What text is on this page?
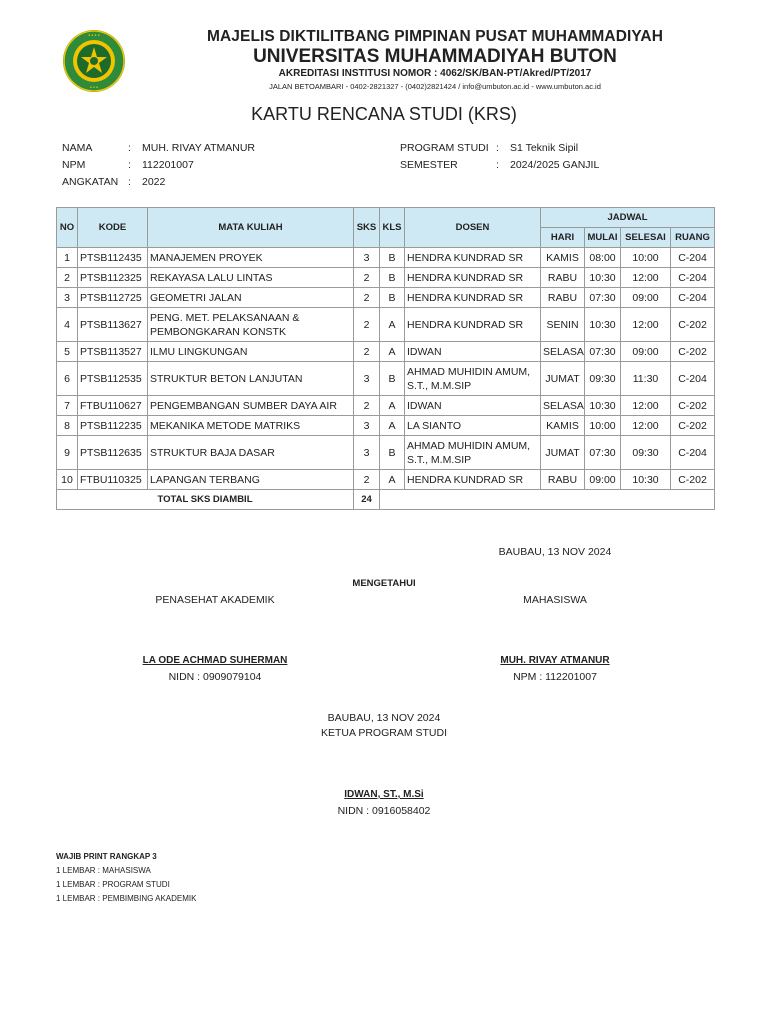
• • • •
• • •
MAJELIS DIKTILITBANG PIMPINAN PUSAT MUHAMMADIYAH
UNIVERSITAS MUHAMMADIYAH BUTON
AKREDITASI INSTITUSI NOMOR : 4062/SK/BAN-PT/Akred/PT/2017
JALAN BETOAMBARI - 0402-2821327 - (0402)2821424 / info@umbuton.ac.id - www.umbuton.ac.id
KARTU RENCANA STUDI (KRS)
NAMA	: MUH. RIVAY ATMANUR
NPM	: 112201007
ANGKATAN : 2022
PROGRAM STUDI : S1 Teknik Sipil
SEMESTER	: 2024/2025 GANJIL
NO	KODE	MATA KULIAH	SKS	KLS	DOSEN	JADWAL			
						HARI	MULAI	SELESAI	RUANG
1	PTSB112435	MANAJEMEN PROYEK	3	B	HENDRA KUNDRAD SR	KAMIS	08:00	10:00	C-204
2	PTSB112325	REKAYASA LALU LINTAS	2	B	HENDRA KUNDRAD SR	RABU	10:30	12:00	C-204
3	PTSB112725	GEOMETRI JALAN	2	B	HENDRA KUNDRAD SR	RABU	07:30	09:00	C-204
4	PTSB113627	PENG. MET. PELAKSANAAN & PEMBONGKARAN KONSTK	2	A	HENDRA KUNDRAD SR	SENIN	10:30	12:00	C-202
5	PTSB113527	ILMU LINGKUNGAN	2	A	IDWAN	SELASA	07:30	09:00	C-202
6	PTSB112535	STRUKTUR BETON LANJUTAN	3	B	AHMAD MUHIDIN AMUM, S.T., M.M.SIP	JUMAT	09:30	11:30	C-204
7	FTBU110627	PENGEMBANGAN SUMBER DAYA AIR	2	A	IDWAN	SELASA	10:30	12:00	C-202
8	PTSB112235	MEKANIKA METODE MATRIKS	3	A	LA SIANTO	KAMIS	10:00	12:00	C-202
9	PTSB112635	STRUKTUR BAJA DASAR	3	B	AHMAD MUHIDIN AMUM, S.T., M.M.SIP	JUMAT	07:30	09:30	C-204
10	FTBU110325	LAPANGAN TERBANG	2	A	HENDRA KUNDRAD SR	RABU	09:00	10:30	C-202
TOTAL SKS DIAMBIL			24						
BAUBAU, 13 NOV 2024
MENGETAHUI
PENASEHAT AKADEMIK	MAHASISWA
LA ODE ACHMAD SUHERMAN
NIDN : 0909079104
MUH. RIVAY ATMANUR
NPM : 112201007
BAUBAU, 13 NOV 2024
KETUA PROGRAM STUDI
IDWAN, ST., M.Si
NIDN : 0916058402
WAJIB PRINT RANGKAP 3
1 LEMBAR : MAHASISWA
1 LEMBAR : PROGRAM STUDI
1 LEMBAR : PEMBIMBING AKADEMIK
